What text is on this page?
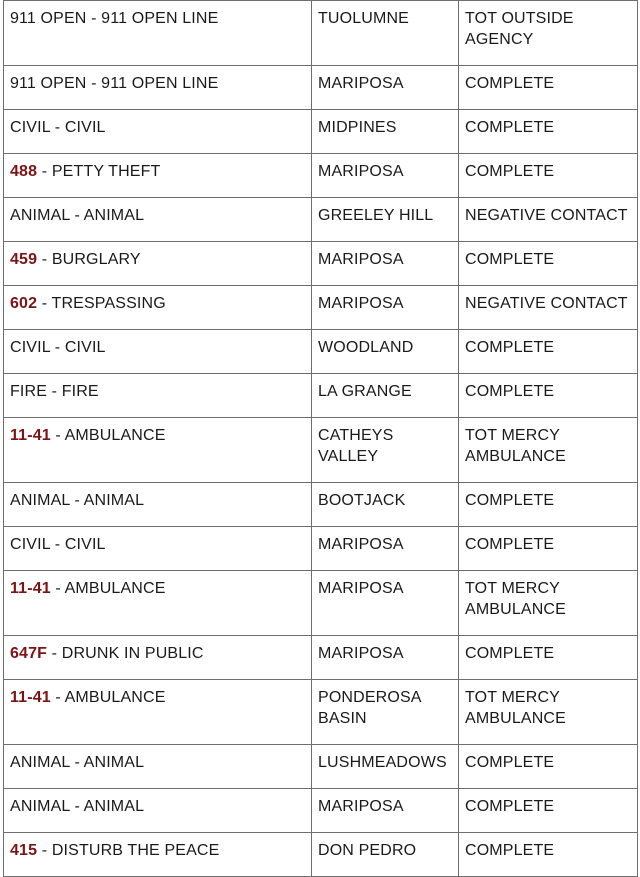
911 OPEN - 911 OPEN LINE	TUOLUMNE	TOT OUTSIDE AGENCY
911 OPEN - 911 OPEN LINE	MARIPOSA	COMPLETE
CIVIL - CIVIL	MIDPINES	COMPLETE
488 - PETTY THEFT	MARIPOSA	COMPLETE
ANIMAL - ANIMAL	GREELEY HILL	NEGATIVE CONTACT
459 - BURGLARY	MARIPOSA	COMPLETE
602 - TRESPASSING	MARIPOSA	NEGATIVE CONTACT
CIVIL - CIVIL	WOODLAND	COMPLETE
FIRE - FIRE	LA GRANGE	COMPLETE
11-41 - AMBULANCE	CATHEYS VALLEY	TOT MERCY AMBULANCE
ANIMAL - ANIMAL	BOOTJACK	COMPLETE
CIVIL - CIVIL	MARIPOSA	COMPLETE
11-41 - AMBULANCE	MARIPOSA	TOT MERCY AMBULANCE
647F - DRUNK IN PUBLIC	MARIPOSA	COMPLETE
11-41 - AMBULANCE	PONDEROSA BASIN	TOT MERCY AMBULANCE
ANIMAL - ANIMAL	LUSHMEADOWS	COMPLETE
ANIMAL - ANIMAL	MARIPOSA	COMPLETE
415 - DISTURB THE PEACE	DON PEDRO	COMPLETE
